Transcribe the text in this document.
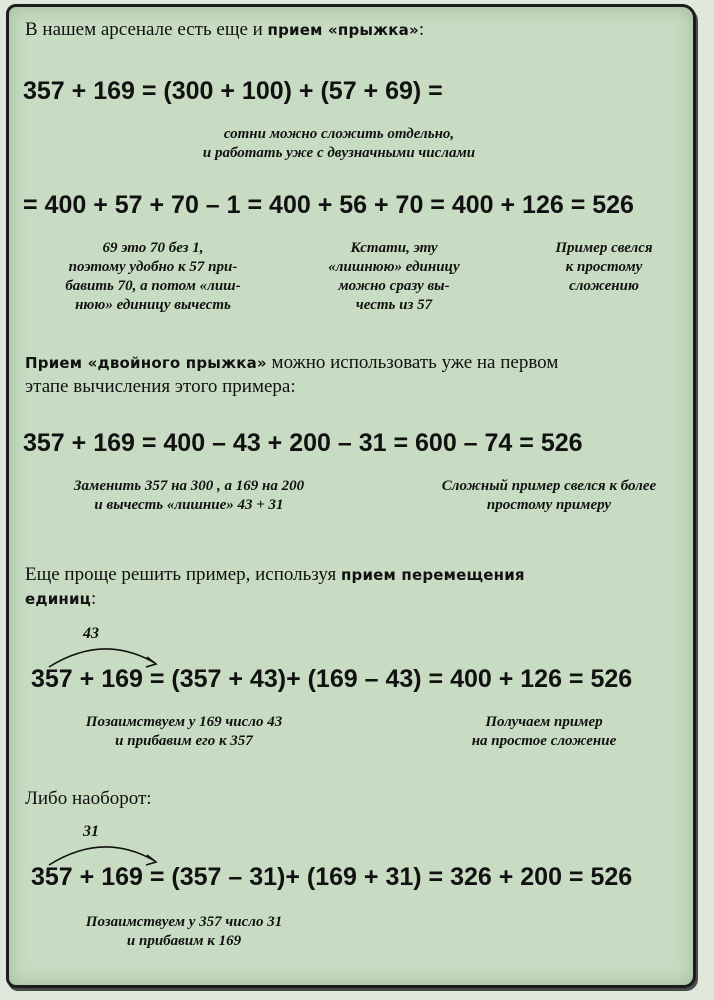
В нашем арсенале есть еще и прием «прыжка»:
357 + 169 = (300 + 100) + (57 + 69) =
сотни можно сложить отдельно,
и работать уже с двузначными числами
= 400 + 57 + 70 – 1 = 400 + 56 + 70 = 400 + 126 = 526
69 это 70 без 1,
поэтому удобно к 57 при-
бавить 70, а потом «лиш-
нюю» единицу вычесть
Кстати, эту
«лишнюю» единицу
можно сразу вы-
честь из 57
Пример свелся
к простому
сложению
Прием «двойного прыжка» можно использовать уже на первом
этапе вычисления этого примера:
357 + 169 = 400 – 43 + 200 – 31 = 600 – 74 = 526
Заменить 357 на 300 , а 169 на 200
и вычесть «лишние» 43 + 31
Сложный пример свелся к более
простому примеру
Еще проще решить пример, используя прием перемещения
единиц:
43
357 + 169 = (357 + 43)+ (169 – 43) = 400 + 126 = 526
Позаимствуем у 169 число 43
и прибавим его к 357
Получаем пример
на простое сложение
Либо наоборот:
31
357 + 169 = (357 – 31)+ (169 + 31) = 326 + 200 = 526
Позаимствуем у 357 число 31
и прибавим к 169
